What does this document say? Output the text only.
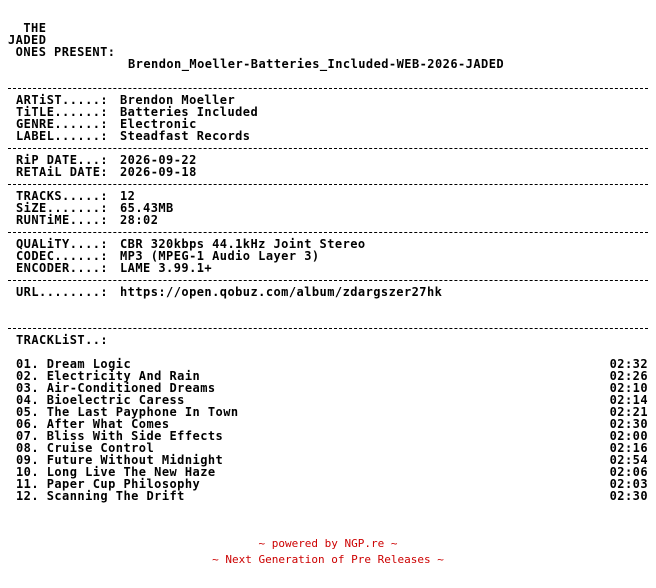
THE
JADED
ONES PRESENT:
Brendon_Moeller-Batteries_Included-WEB-2026-JADED
ARTiST.....: Brendon Moeller
TiTLE......: Batteries Included
GENRE......: Electronic
LABEL......: Steadfast Records
RiP DATE...: 2026-09-22
RETAiL DATE: 2026-09-18
TRACKS.....: 12
SiZE.......: 65.43MB
RUNTiME....: 28:02
QUALiTY....: CBR 320kbps 44.1kHz Joint Stereo
CODEC......: MP3 (MPEG-1 Audio Layer 3)
ENCODER....: LAME 3.99.1+
URL........: https://open.qobuz.com/album/zdargszer27hk
TRACKLiST..:
01. Dream Logic	02:32
02. Electricity And Rain	02:26
03. Air-Conditioned Dreams	02:10
04. Bioelectric Caress	02:14
05. The Last Payphone In Town	02:21
06. After What Comes	02:30
07. Bliss With Side Effects	02:00
08. Cruise Control	02:16
09. Future Without Midnight	02:54
10. Long Live The New Haze	02:06
11. Paper Cup Philosophy	02:03
12. Scanning The Drift	02:30
~ powered by NGP.re ~
~ Next Generation of Pre Releases ~
